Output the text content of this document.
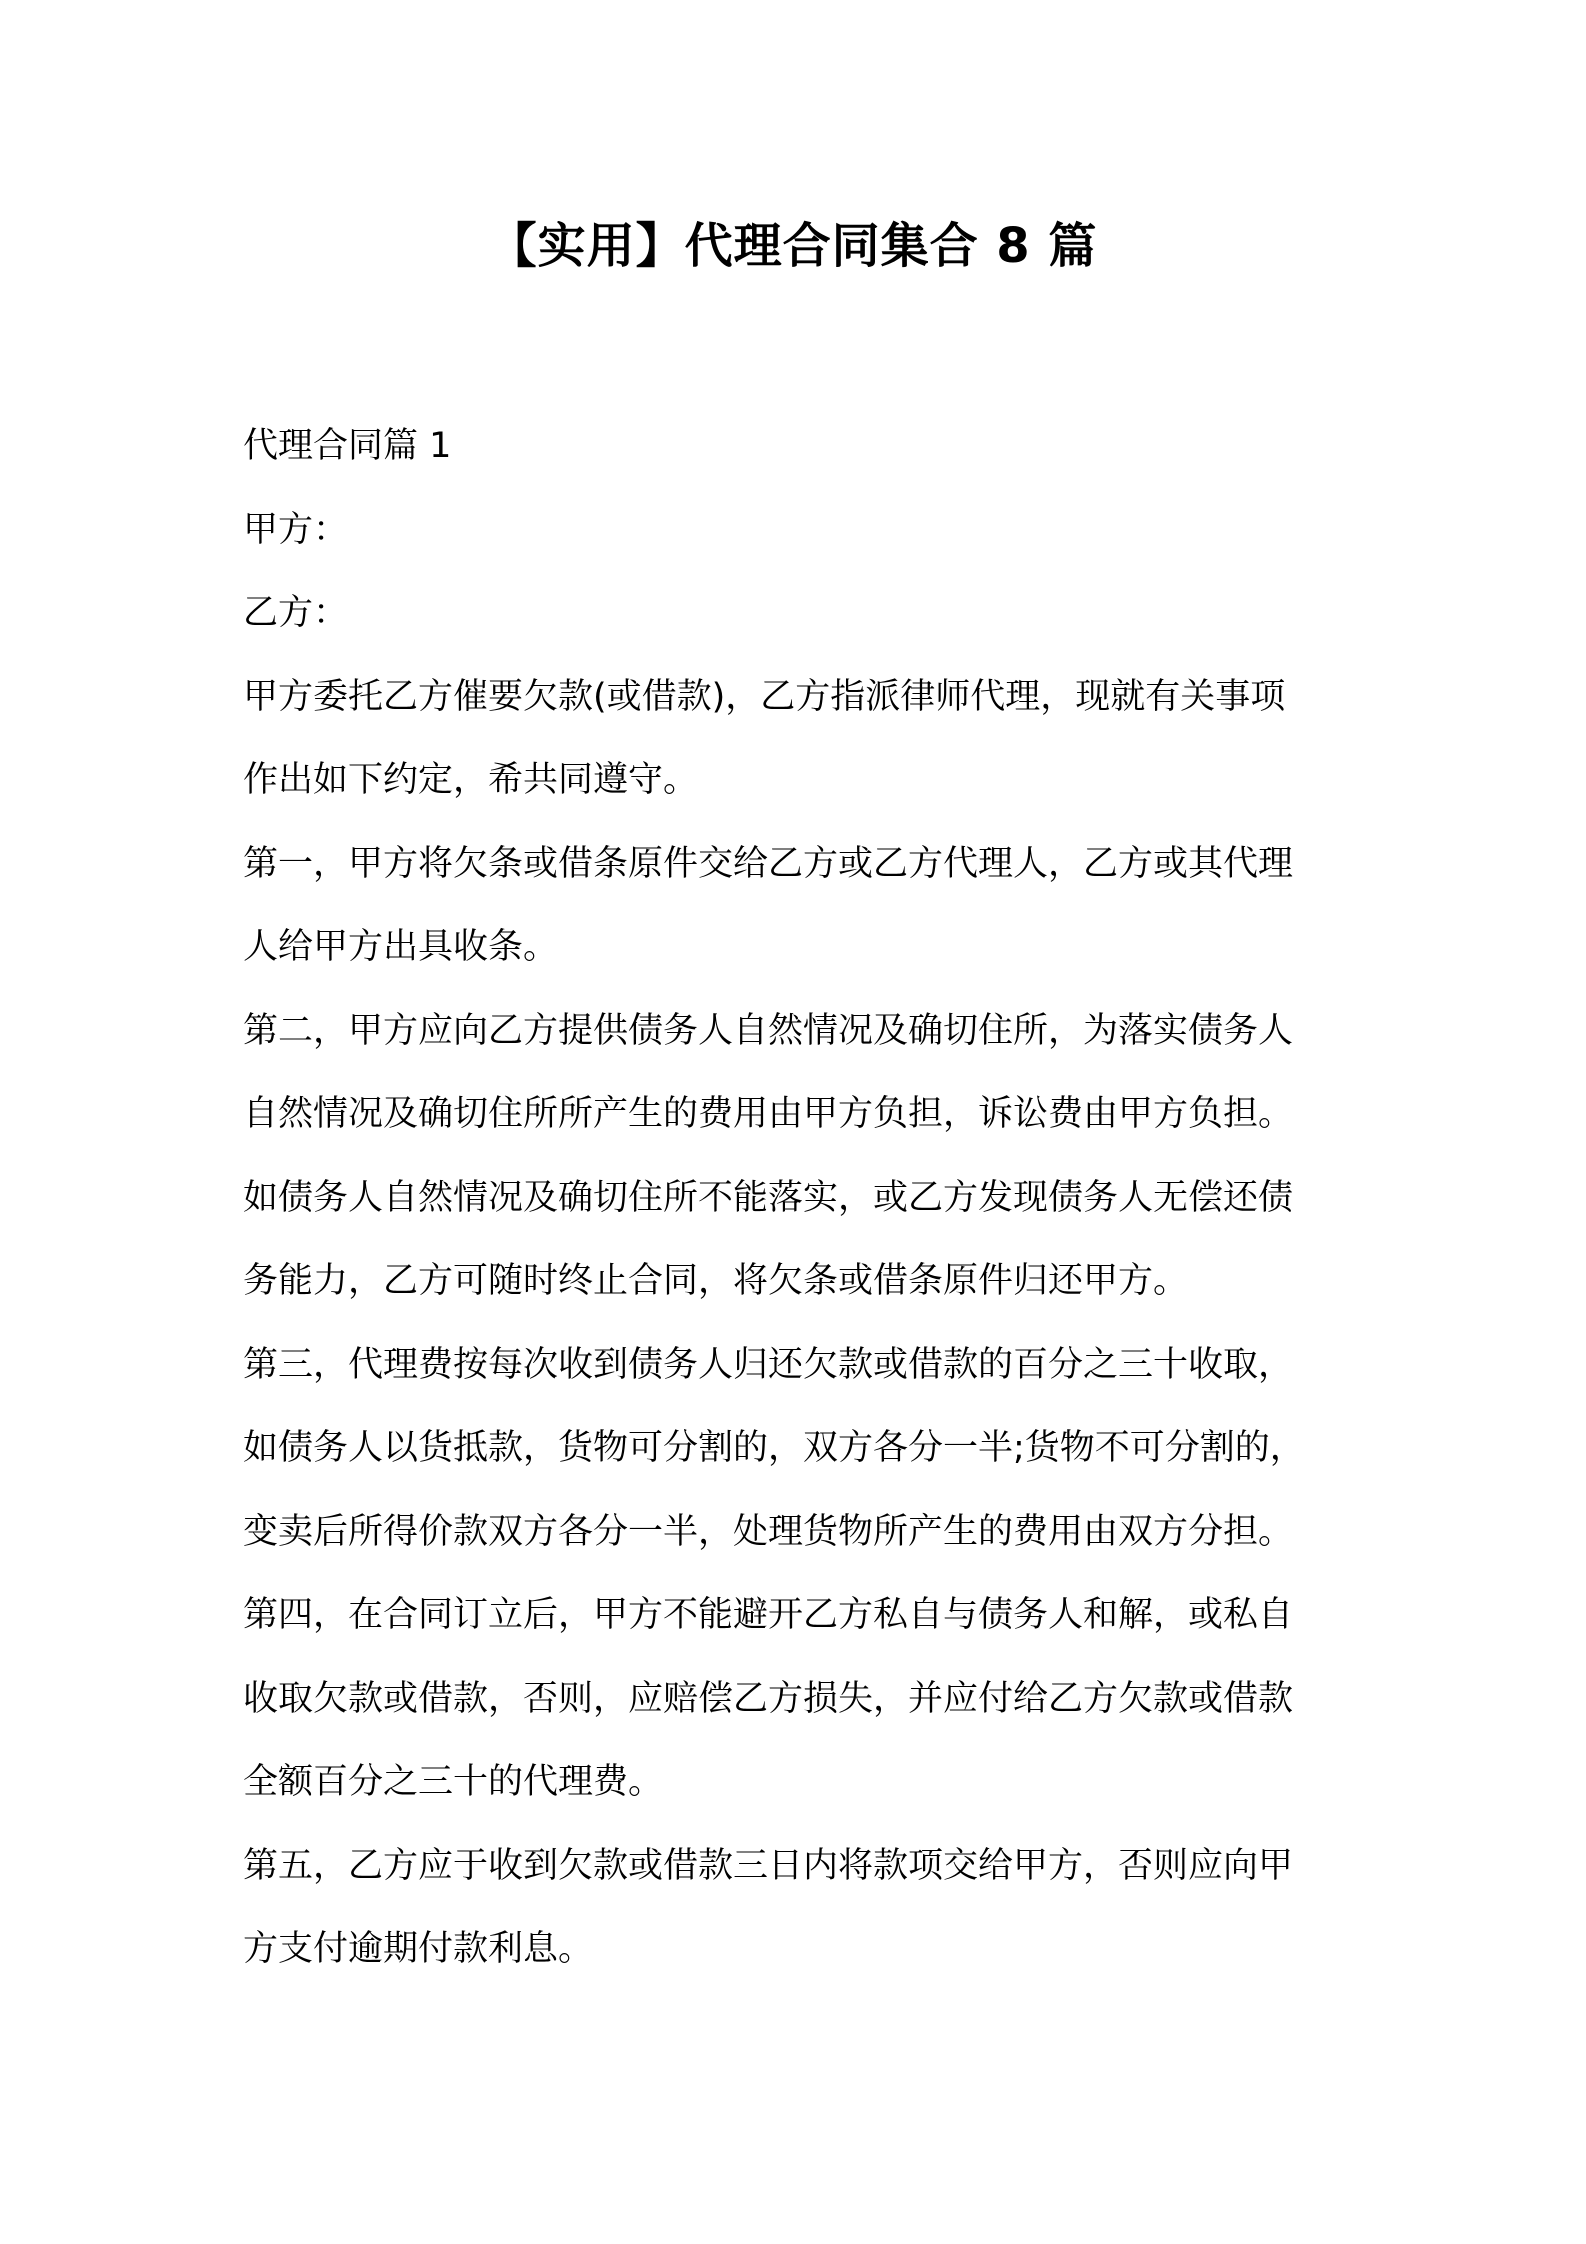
【实用】代理合同集合 8 篇

代理合同篇 1

甲方：

乙方：

甲方委托乙方催要欠款(或借款)，乙方指派律师代理，现就有关事项

作出如下约定，希共同遵守。

第一，甲方将欠条或借条原件交给乙方或乙方代理人，乙方或其代理

人给甲方出具收条。

第二，甲方应向乙方提供债务人自然情况及确切住所，为落实债务人

自然情况及确切住所所产生的费用由甲方负担，诉讼费由甲方负担。

如债务人自然情况及确切住所不能落实，或乙方发现债务人无偿还债

务能力，乙方可随时终止合同，将欠条或借条原件归还甲方。

第三，代理费按每次收到债务人归还欠款或借款的百分之三十收取，

如债务人以货抵款，货物可分割的，双方各分一半;货物不可分割的，

变卖后所得价款双方各分一半，处理货物所产生的费用由双方分担。

第四，在合同订立后，甲方不能避开乙方私自与债务人和解，或私自

收取欠款或借款，否则，应赔偿乙方损失，并应付给乙方欠款或借款

全额百分之三十的代理费。

第五，乙方应于收到欠款或借款三日内将款项交给甲方，否则应向甲

方支付逾期付款利息。
